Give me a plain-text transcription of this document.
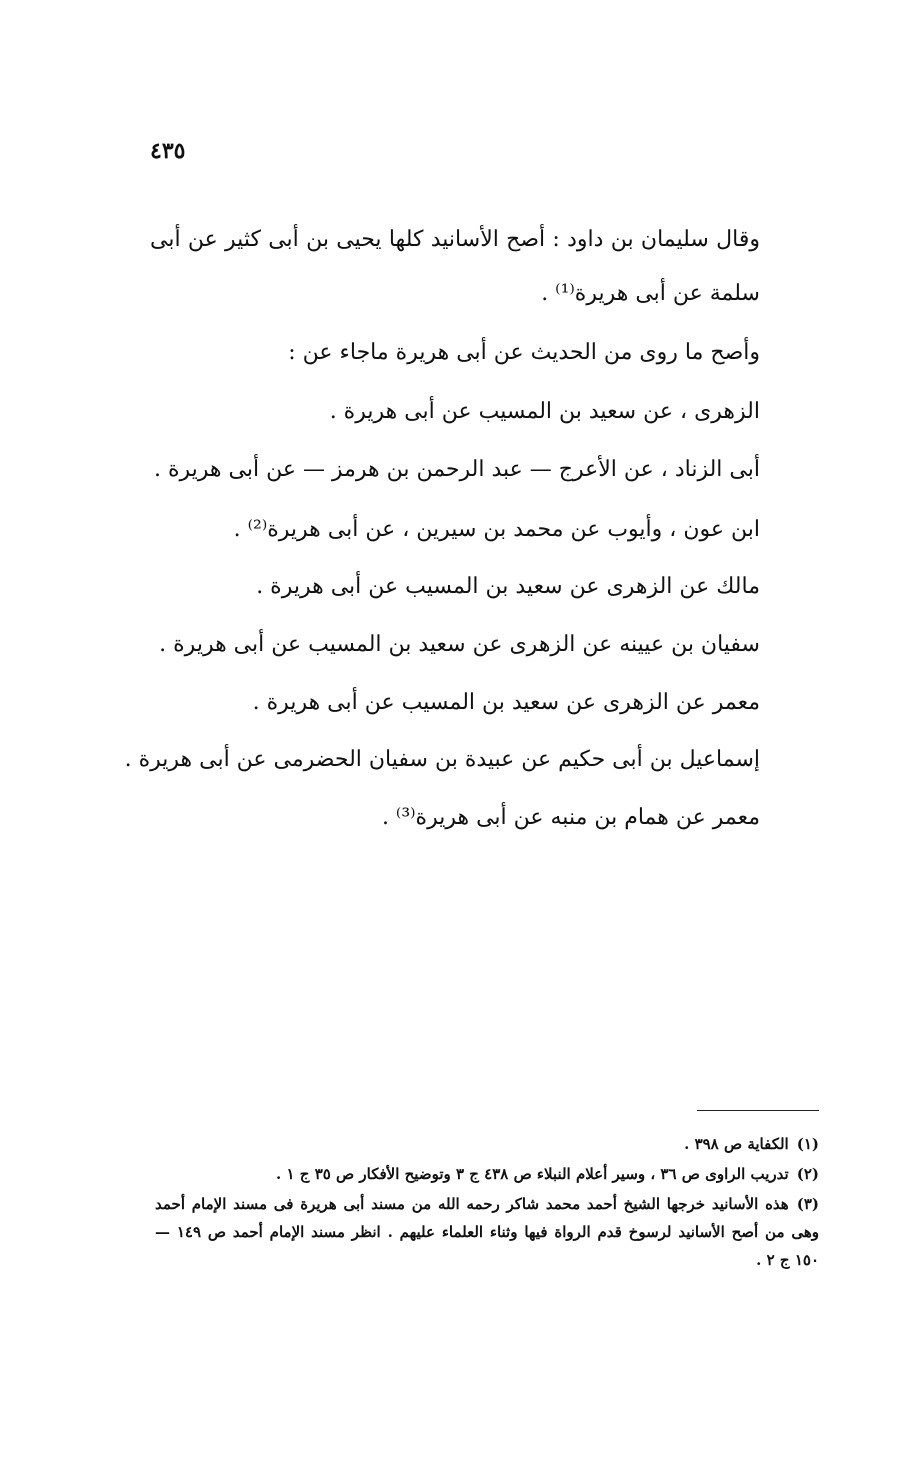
٤٣٥

وقال سليمان بن داود : أصح الأسانيد كلها يحيى بن أبى كثير عن أبى سلمة عن أبى هريرة⁽¹⁾ .

وأصح ما روى من الحديث عن أبى هريرة ماجاء عن :

الزهرى ، عن سعيد بن المسيب عن أبى هريرة .

أبى الزناد ، عن الأعرج — عبد الرحمن بن هرمز — عن أبى هريرة .

ابن عون ، وأيوب عن محمد بن سيرين ، عن أبى هريرة⁽²⁾ .

مالك عن الزهرى عن سعيد بن المسيب عن أبى هريرة .

سفيان بن عيينه عن الزهرى عن سعيد بن المسيب عن أبى هريرة .

معمر عن الزهرى عن سعيد بن المسيب عن أبى هريرة .

إسماعيل بن أبى حكيم عن عبيدة بن سفيان الحضرمى عن أبى هريرة .

معمر عن همام بن منبه عن أبى هريرة⁽³⁾ .

(١)الكفاية ص ٣٩٨ .

(٢)تدريب الراوى ص ٣٦ ، وسير أعلام النبلاء ص ٤٣٨ ج ٣ وتوضيح الأفكار ص ٣٥ ج ١ .

(٣)هذه الأسانيد خرجها الشيخ أحمد محمد شاكر رحمه الله من مسند أبى هريرة فى مسند الإمام أحمد وهى من أصح الأسانيد لرسوخ قدم الرواة فيها وثناء العلماء عليهم . انظر مسند الإمام أحمد ص ١٤٩ — ١٥٠ ج ٢ .
